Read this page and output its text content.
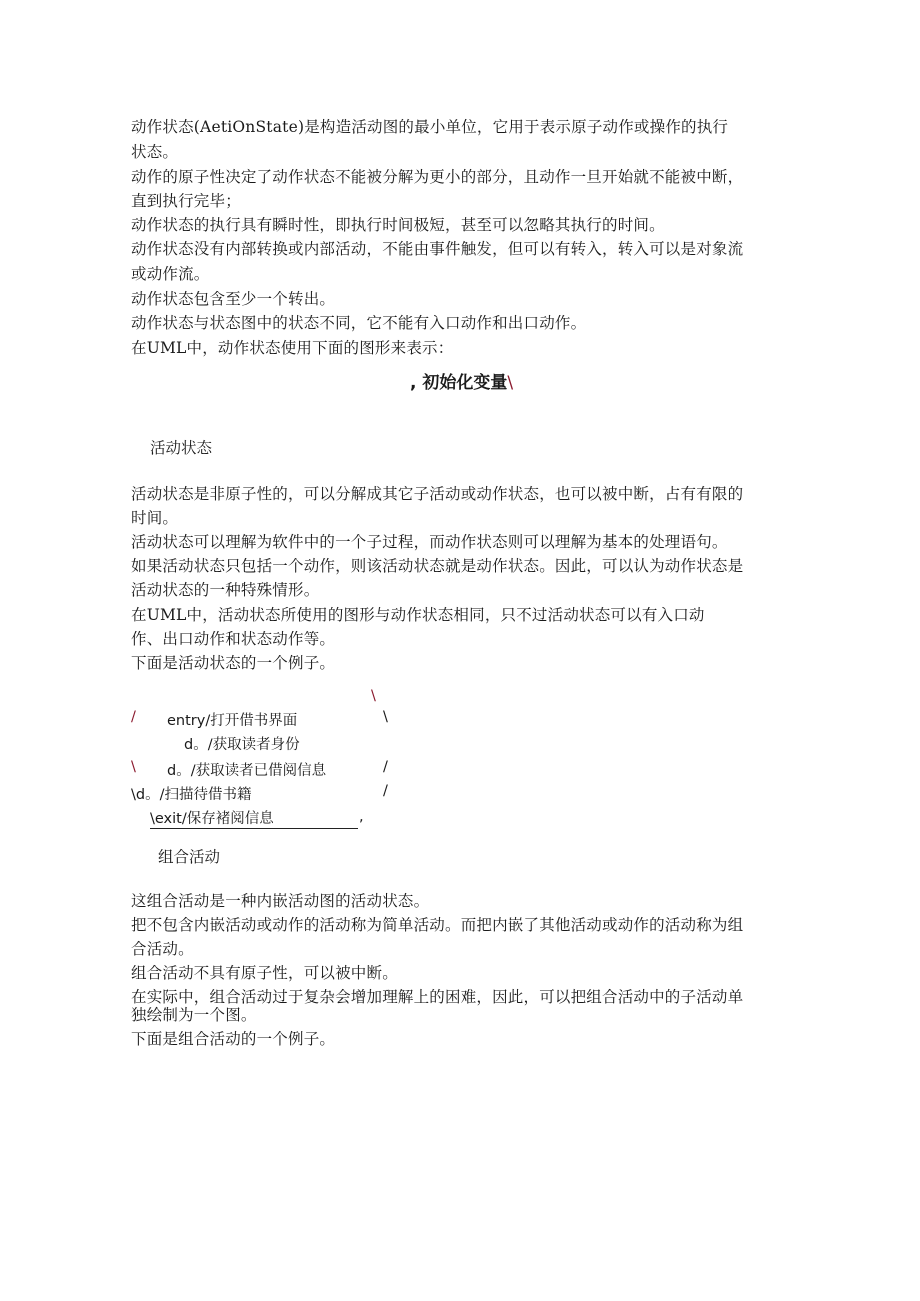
动作状态(AetiOnState)是构造活动图的最小单位，它用于表示原子动作或操作的执行
状态。
动作的原子性决定了动作状态不能被分解为更小的部分，且动作一旦开始就不能被中断，
直到执行完毕；
动作状态的执行具有瞬时性，即执行时间极短，甚至可以忽略其执行的时间。
动作状态没有内部转换或内部活动，不能由事件触发，但可以有转入，转入可以是对象流
或动作流。
动作状态包含至少一个转出。
动作状态与状态图中的状态不同，它不能有入口动作和出口动作。
在UML中，动作状态使用下面的图形来表示：
, 初始化变量\
活动状态
活动状态是非原子性的，可以分解成其它子活动或动作状态，也可以被中断，占有有限的
时间。
活动状态可以理解为软件中的一个子过程，而动作状态则可以理解为基本的处理语句。
如果活动状态只包括一个动作，则该活动状态就是动作状态。因此，可以认为动作状态是
活动状态的一种特殊情形。
在UML中，活动状态所使用的图形与动作状态相同，只不过活动状态可以有入口动
作、出口动作和状态动作等。
下面是活动状态的一个例子。
\
/ entry/打开借书界面	\
d。/获取读者身份
\ d。/获取读者已借阅信息	/
\d。/扫描待借书籍	/
\exit/保存褚阅信息	,
组合活动
这组合活动是一种内嵌活动图的活动状态。
把不包含内嵌活动或动作的活动称为简单活动。而把内嵌了其他活动或动作的活动称为组
合活动。
组合活动不具有原子性，可以被中断。
在实际中，组合活动过于复杂会增加理解上的困难，因此，可以把组合活动中的子活动单
独绘制为一个图。
下面是组合活动的一个例子。
